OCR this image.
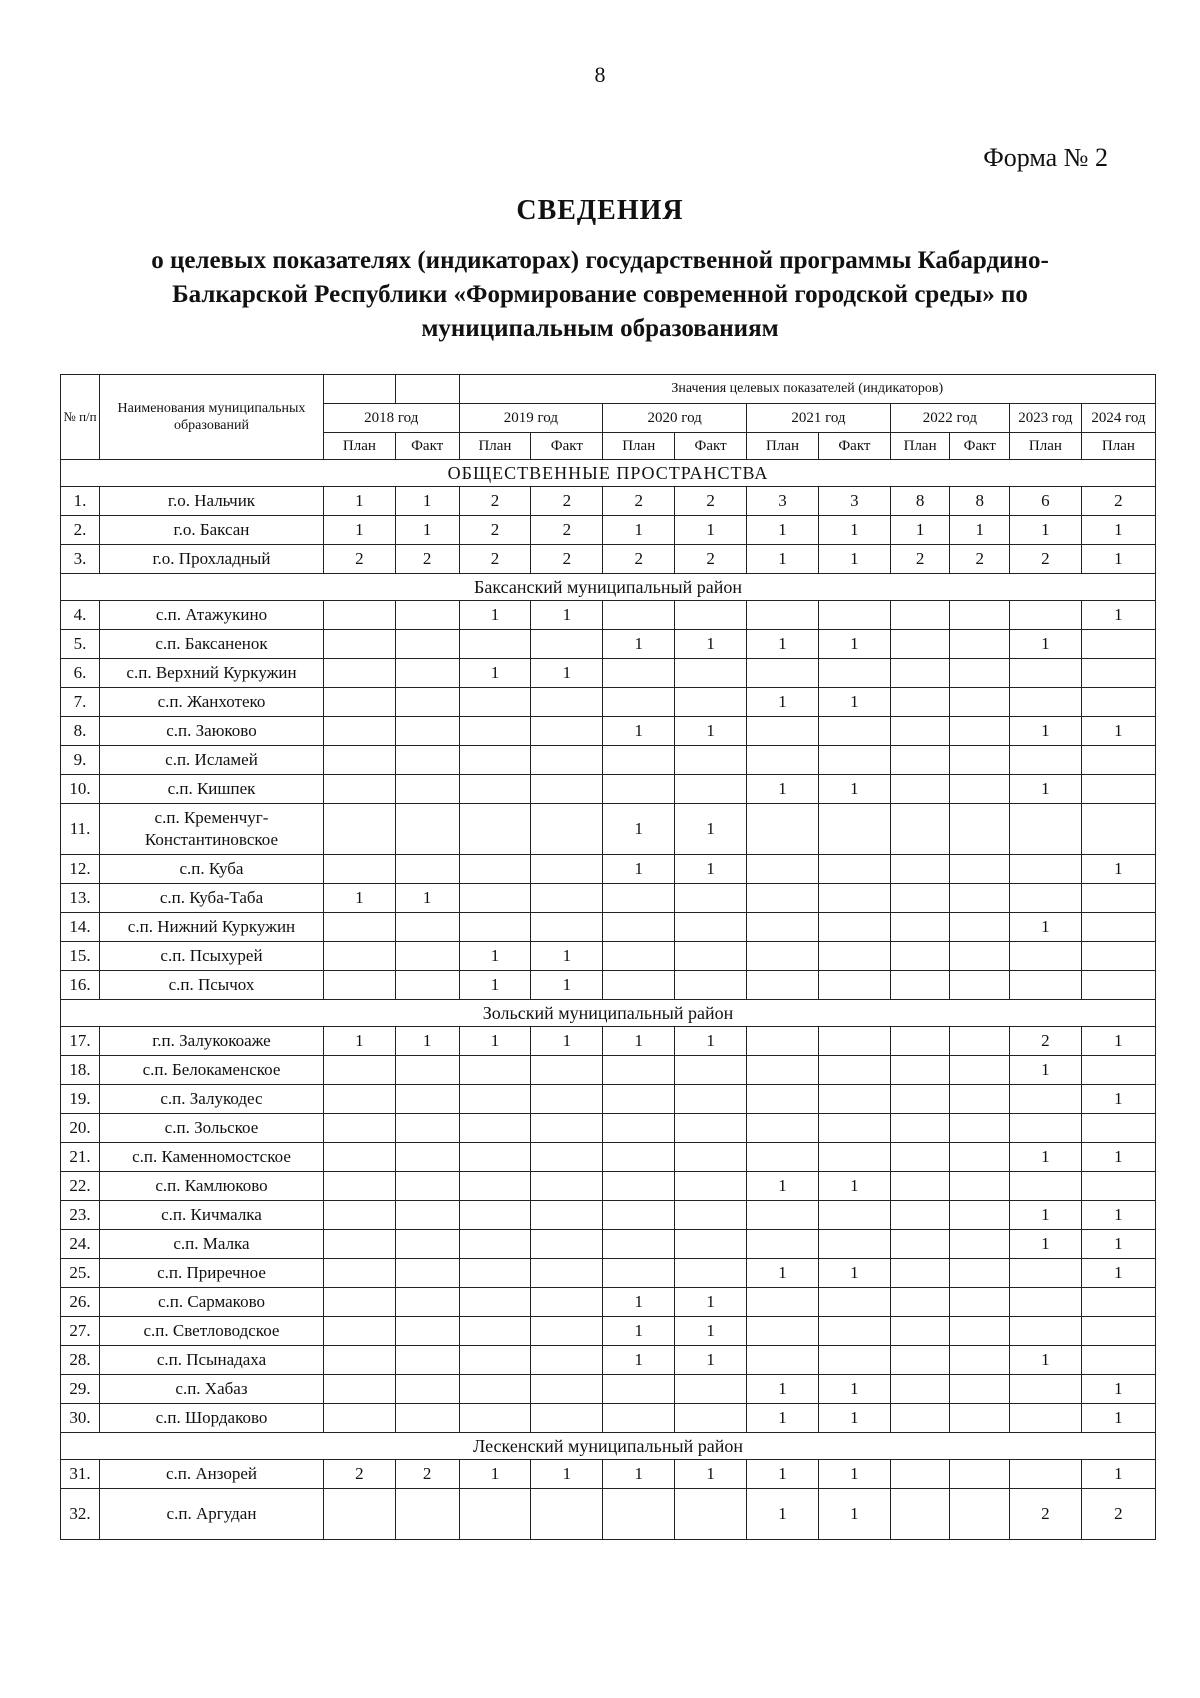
8
Форма № 2
СВЕДЕНИЯ
о целевых показателях (индикаторах) государственной программы Кабардино-Балкарской Республики «Формирование современной городской среды» по муниципальным образованиям
№ п/п	Наименования муниципальных образований			Значения целевых показателей (индикаторов)									
		2018 год		2019 год		2020 год		2021 год		2022 год		2023 год	2024 год
		План	Факт	План	Факт	План	Факт	План	Факт	План	Факт	План	План
ОБЩЕСТВЕННЫЕ ПРОСТРАНСТВА													
1.	г.о. Нальчик	1	1	2	2	2	2	3	3	8	8	6	2
2.	г.о. Баксан	1	1	2	2	1	1	1	1	1	1	1	1
3.	г.о. Прохладный	2	2	2	2	2	2	1	1	2	2	2	1
Баксанский муниципальный район													
4.	с.п. Атажукино			1	1								1
5.	с.п. Баксаненок					1	1	1	1			1	
6.	с.п. Верхний Куркужин			1	1								
7.	с.п. Жанхотеко							1	1				
8.	с.п. Заюково					1	1					1	1
9.	с.п. Исламей												
10.	с.п. Кишпек							1	1			1	
11.	с.п. Кременчуг-Константиновское					1	1						
12.	с.п. Куба					1	1						1
13.	с.п. Куба-Таба	1	1										
14.	с.п. Нижний Куркужин											1	
15.	с.п. Псыхурей			1	1								
16.	с.п. Псычох			1	1								
Зольский муниципальный район													
17.	г.п. Залукокоаже	1	1	1	1	1	1					2	1
18.	с.п. Белокаменское											1	
19.	с.п. Залукодес												1
20.	с.п. Зольское												
21.	с.п. Каменномостское											1	1
22.	с.п. Камлюково							1	1				
23.	с.п. Кичмалка											1	1
24.	с.п. Малка											1	1
25.	с.п. Приречное							1	1				1
26.	с.п. Сармаково					1	1						
27.	с.п. Светловодское					1	1						
28.	с.п. Псынадаха					1	1					1	
29.	с.п. Хабаз							1	1				1
30.	с.п. Шордаково							1	1				1
Лескенский муниципальный район													
31.	с.п. Анзорей	2	2	1	1	1	1	1	1				1
32.	с.п. Аргудан							1	1			2	2
